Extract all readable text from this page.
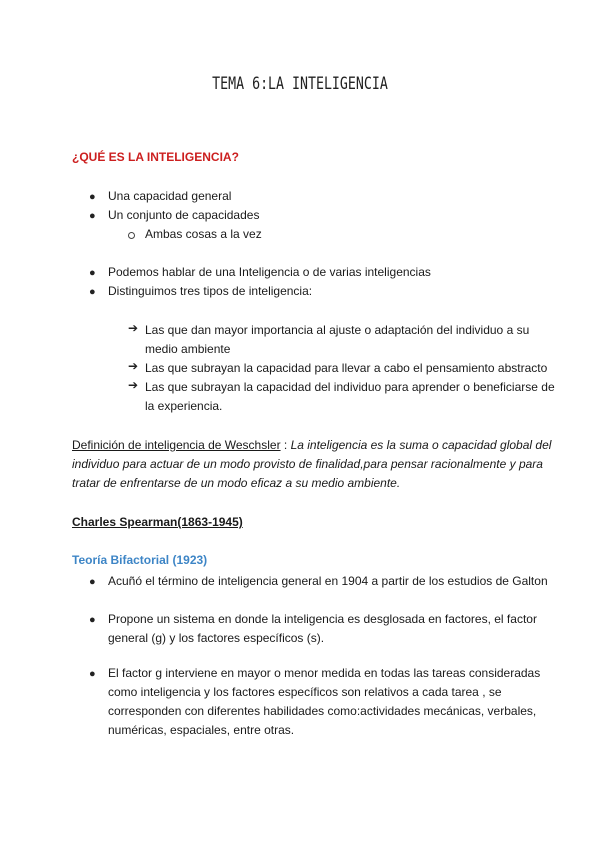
TEMA 6:LA INTELIGENCIA
¿QUÉ ES LA INTELIGENCIA?
● Una capacidad general
● Un conjunto de capacidades
Ambas cosas a la vez
● Podemos hablar de una Inteligencia o de varias inteligencias
● Distinguimos tres tipos de inteligencia:
➔ Las que dan mayor importancia al ajuste o adaptación del individuo a su
medio ambiente
➔ Las que subrayan la capacidad para llevar a cabo el pensamiento abstracto
➔ Las que subrayan la capacidad del individuo para aprender o beneficiarse de
la experiencia.
Definición de inteligencia de Weschsler : La inteligencia es la suma o capacidad global del
individuo para actuar de un modo provisto de finalidad,para pensar racionalmente y para
tratar de enfrentarse de un modo eficaz a su medio ambiente.
Charles Spearman(1863-1945)
Teoría Bifactorial (1923)
● Acuñó el término de inteligencia general en 1904 a partir de los estudios de Galton
● Propone un sistema en donde la inteligencia es desglosada en factores, el factor
general (g) y los factores específicos (s).
● El factor g interviene en mayor o menor medida en todas las tareas consideradas
como inteligencia y los factores específicos son relativos a cada tarea , se
corresponden con diferentes habilidades como:actividades mecánicas, verbales,
numéricas, espaciales, entre otras.
